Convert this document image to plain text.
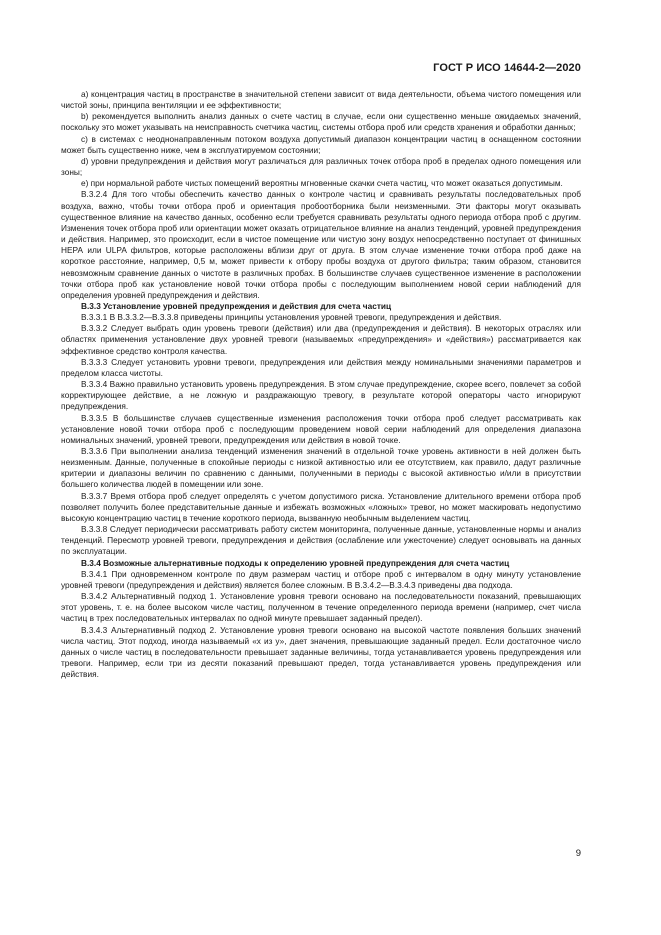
ГОСТ Р ИСО 14644-2—2020

а) концентрация частиц в пространстве в значительной степени зависит от вида деятельности, объема чистого помещения или чистой зоны, принципа вентиляции и ее эффективности;

b) рекомендуется выполнить анализ данных о счете частиц в случае, если они существенно меньше ожидаемых значений, поскольку это может указывать на неисправность счетчика частиц, системы отбора проб или средств хранения и обработки данных;

с) в системах с неоднонаправленным потоком воздуха допустимый диапазон концентрации частиц в оснащенном состоянии может быть существенно ниже, чем в эксплуатируемом состоянии;

d) уровни предупреждения и действия могут различаться для различных точек отбора проб в пределах одного помещения или зоны;

е) при нормальной работе чистых помещений вероятны мгновенные скачки счета частиц, что может оказаться допустимым.

В.3.2.4 Для того чтобы обеспечить качество данных о контроле частиц и сравнивать результаты последовательных проб воздуха, важно, чтобы точки отбора проб и ориентация пробоотборника были неизменными. Эти факторы могут оказывать существенное влияние на качество данных, особенно если требуется сравнивать результаты одного периода отбора проб с другим. Изменения точек отбора проб или ориентации может оказать отрицательное влияние на анализ тенденций, уровней предупреждения и действия. Например, это происходит, если в чистое помещение или чистую зону воздух непосредственно поступает от финишных НЕРА или ULPA фильтров, которые расположены вблизи друг от друга. В этом случае изменение точки отбора проб даже на короткое расстояние, например, 0,5 м, может привести к отбору пробы воздуха от другого фильтра; таким образом, становится невозможным сравнение данных о чистоте в различных пробах. В большинстве случаев существенное изменение в расположении точки отбора проб как установление новой точки отбора пробы с последующим выполнением новой серии наблюдений для определения уровней предупреждения и действия.

В.3.3 Установление уровней предупреждения и действия для счета частиц

В.3.3.1 В В.3.3.2—В.3.3.8 приведены принципы установления уровней тревоги, предупреждения и действия.

В.3.3.2 Следует выбрать один уровень тревоги (действия) или два (предупреждения и действия). В некоторых отраслях или областях применения установление двух уровней тревоги (называемых «предупреждения» и «действия») рассматривается как эффективное средство контроля качества.

В.3.3.3 Следует установить уровни тревоги, предупреждения или действия между номинальными значениями параметров и пределом класса чистоты.

В.3.3.4 Важно правильно установить уровень предупреждения. В этом случае предупреждение, скорее всего, повлечет за собой корректирующее действие, а не ложную и раздражающую тревогу, в результате которой операторы часто игнорируют предупреждения.

В.3.3.5 В большинстве случаев существенные изменения расположения точки отбора проб следует рассматривать как установление новой точки отбора проб с последующим проведением новой серии наблюдений для определения диапазона номинальных значений, уровней тревоги, предупреждения или действия в новой точке.

В.3.3.6 При выполнении анализа тенденций изменения значений в отдельной точке уровень активности в ней должен быть неизменным. Данные, полученные в спокойные периоды с низкой активностью или ее отсутствием, как правило, дадут различные критерии и диапазоны величин по сравнению с данными, полученными в периоды с высокой активностью и/или в присутствии большего количества людей в помещении или зоне.

В.3.3.7 Время отбора проб следует определять с учетом допустимого риска. Установление длительного времени отбора проб позволяет получить более представительные данные и избежать возможных «ложных» тревог, но может маскировать недопустимо высокую концентрацию частиц в течение короткого периода, вызванную необычным выделением частиц.

В.3.3.8 Следует периодически рассматривать работу систем мониторинга, полученные данные, установленные нормы и анализ тенденций. Пересмотр уровней тревоги, предупреждения и действия (ослабление или ужесточение) следует основывать на данных по эксплуатации.

В.3.4 Возможные альтернативные подходы к определению уровней предупреждения для счета частиц

В.3.4.1 При одновременном контроле по двум размерам частиц и отборе проб с интервалом в одну минуту установление уровней тревоги (предупреждения и действия) является более сложным. В В.3.4.2—В.3.4.3 приведены два подхода.

В.3.4.2 Альтернативный подход 1. Установление уровня тревоги основано на последовательности показаний, превышающих этот уровень, т. е. на более высоком числе частиц, полученном в течение определенного периода времени (например, счет числа частиц в трех последовательных интервалах по одной минуте превышает заданный предел).

В.3.4.3 Альтернативный подход 2. Установление уровня тревоги основано на высокой частоте появления больших значений числа частиц. Этот подход, иногда называемый «х из у», дает значения, превышающие заданный предел. Если достаточное число данных о числе частиц в последовательности превышает заданные величины, тогда устанавливается уровень предупреждения или тревоги. Например, если три из десяти показаний превышают предел, тогда устанавливается уровень предупреждения или действия.

9
